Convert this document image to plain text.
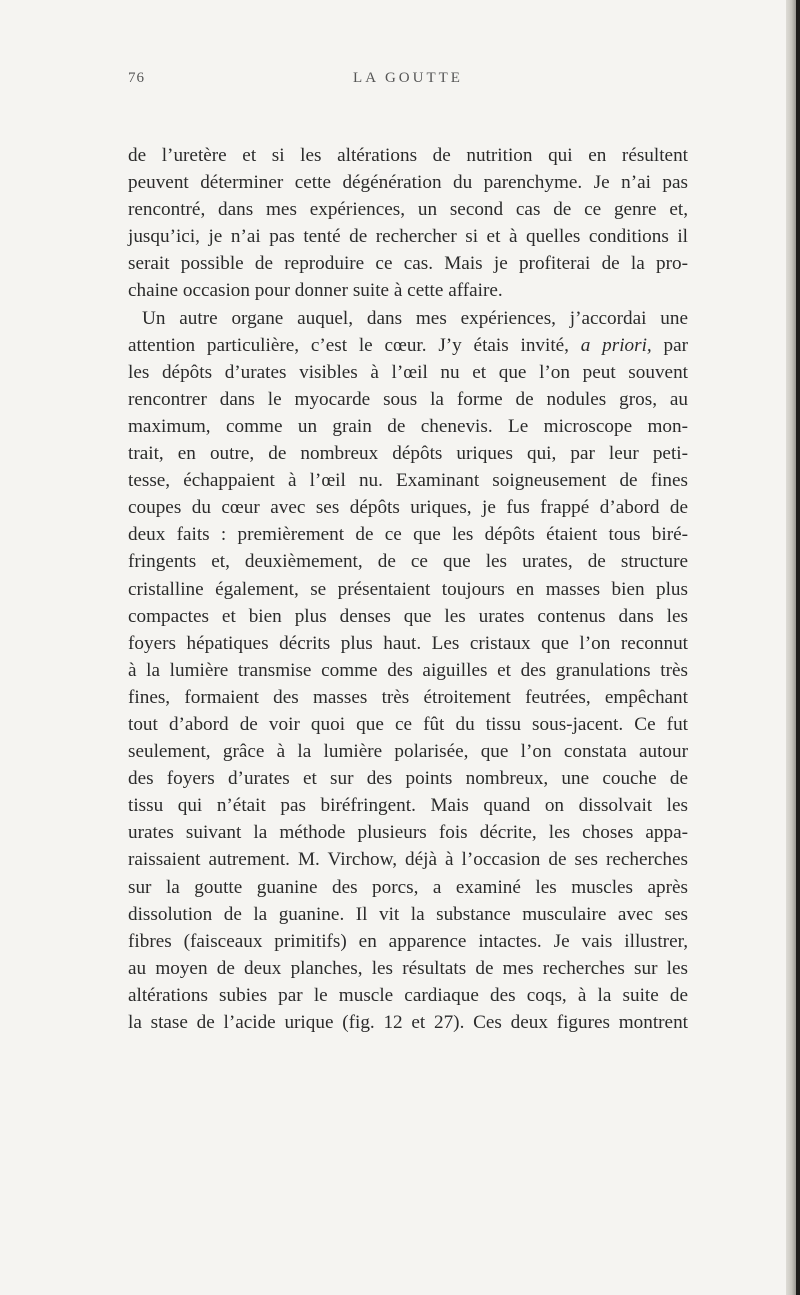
76	LA GOUTTE
de l’uretère et si les altérations de nutrition qui en résultent
peuvent déterminer cette dégénération du parenchyme. Je n’ai pas
rencontré, dans mes expériences, un second cas de ce genre et,
jusqu’ici, je n’ai pas tenté de rechercher si et à quelles conditions il
serait possible de reproduire ce cas. Mais je profiterai de la pro-
chaine occasion pour donner suite à cette affaire.
Un autre organe auquel, dans mes expériences, j’accordai une
attention particulière, c’est le cœur. J’y étais invité, a priori, par
les dépôts d’urates visibles à l’œil nu et que l’on peut souvent
rencontrer dans le myocarde sous la forme de nodules gros, au
maximum, comme un grain de chenevis. Le microscope mon-
trait, en outre, de nombreux dépôts uriques qui, par leur peti-
tesse, échappaient à l’œil nu. Examinant soigneusement de fines
coupes du cœur avec ses dépôts uriques, je fus frappé d’abord de
deux faits : premièrement de ce que les dépôts étaient tous biré-
fringents et, deuxièmement, de ce que les urates, de structure
cristalline également, se présentaient toujours en masses bien plus
compactes et bien plus denses que les urates contenus dans les
foyers hépatiques décrits plus haut. Les cristaux que l’on reconnut
à la lumière transmise comme des aiguilles et des granulations très
fines, formaient des masses très étroitement feutrées, empêchant
tout d’abord de voir quoi que ce fût du tissu sous-jacent. Ce fut
seulement, grâce à la lumière polarisée, que l’on constata autour
des foyers d’urates et sur des points nombreux, une couche de
tissu qui n’était pas biréfringent. Mais quand on dissolvait les
urates suivant la méthode plusieurs fois décrite, les choses appa-
raissaient autrement. M. Virchow, déjà à l’occasion de ses recherches
sur la goutte guanine des porcs, a examiné les muscles après
dissolution de la guanine. Il vit la substance musculaire avec ses
fibres (faisceaux primitifs) en apparence intactes. Je vais illustrer,
au moyen de deux planches, les résultats de mes recherches sur les
altérations subies par le muscle cardiaque des coqs, à la suite de
la stase de l’acide urique (fig. 12 et 27). Ces deux figures montrent
